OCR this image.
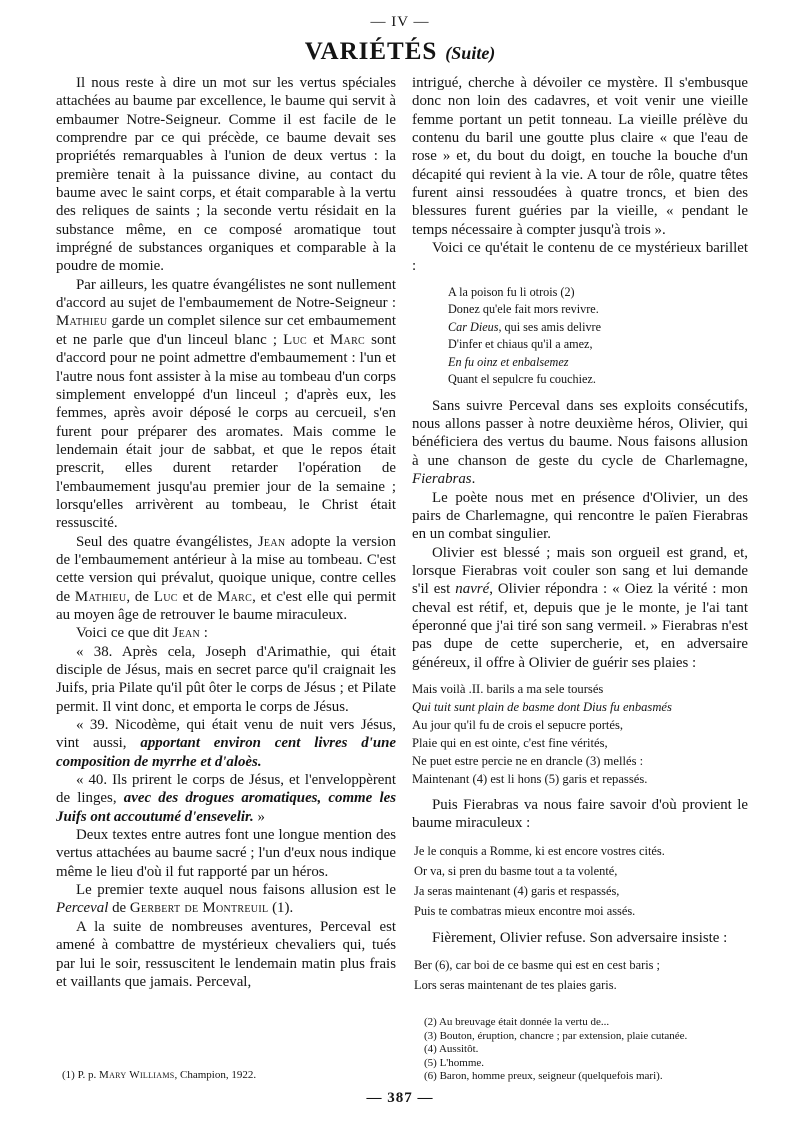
— IV —
VARIÉTÉS (Suite)

Il nous reste à dire un mot sur les vertus spéciales attachées au baume par excellence, le baume qui servit à embaumer Notre-Seigneur. Comme il est facile de le comprendre par ce qui précède, ce baume devait ses propriétés remarquables à l'union de deux vertus : la première tenait à la puissance divine, au contact du baume avec le saint corps, et était comparable à la vertu des reliques de saints ; la seconde vertu résidait en la substance même, en ce composé aromatique tout imprégné de substances organiques et comparable à la poudre de momie.

Par ailleurs, les quatre évangélistes ne sont nullement d'accord au sujet de l'embaumement de Notre-Seigneur : Mathieu garde un complet silence sur cet embaumement et ne parle que d'un linceul blanc ; Luc et Marc sont d'accord pour ne point admettre d'embaumement : l'un et l'autre nous font assister à la mise au tombeau d'un corps simplement enveloppé d'un linceul ; d'après eux, les femmes, après avoir déposé le corps au cercueil, s'en furent pour préparer des aromates. Mais comme le lendemain était jour de sabbat, et que le repos était prescrit, elles durent retarder l'opération de l'embaumement jusqu'au premier jour de la semaine ; lorsqu'elles arrivèrent au tombeau, le Christ était ressuscité.

Seul des quatre évangélistes, Jean adopte la version de l'embaumement antérieur à la mise au tombeau. C'est cette version qui prévalut, quoique unique, contre celles de Mathieu, de Luc et de Marc, et c'est elle qui permit au moyen âge de retrouver le baume miraculeux.

Voici ce que dit Jean :

« 38. Après cela, Joseph d'Arimathie, qui était disciple de Jésus, mais en secret parce qu'il craignait les Juifs, pria Pilate qu'il pût ôter le corps de Jésus ; et Pilate permit. Il vint donc, et emporta le corps de Jésus.

« 39. Nicodème, qui était venu de nuit vers Jésus, vint aussi, apportant environ cent livres d'une composition de myrrhe et d'aloès.

« 40. Ils prirent le corps de Jésus, et l'enveloppèrent de linges, avec des drogues aromatiques, comme les Juifs ont accoutumé d'ensevelir. »

Deux textes entre autres font une longue mention des vertus attachées au baume sacré ; l'un d'eux nous indique même le lieu d'où il fut rapporté par un héros.

Le premier texte auquel nous faisons allusion est le Perceval de Gerbert de Montreuil (1).

A la suite de nombreuses aventures, Perceval est amené à combattre de mystérieux chevaliers qui, tués par lui le soir, ressuscitent le lendemain matin plus frais et vaillants que jamais. Perceval,

(1) P. p. Mary Williams, Champion, 1922.

intrigué, cherche à dévoiler ce mystère. Il s'embusque donc non loin des cadavres, et voit venir une vieille femme portant un petit tonneau. La vieille prélève du contenu du baril une goutte plus claire « que l'eau de rose » et, du bout du doigt, en touche la bouche d'un décapité qui revient à la vie. A tour de rôle, quatre têtes furent ainsi ressoudées à quatre troncs, et bien des blessures furent guéries par la vieille, « pendant le temps nécessaire à compter jusqu'à trois ».

Voici ce qu'était le contenu de ce mystérieux barillet :

A la poison fu li otrois (2)
Donez qu'ele fait mors revivre.
Car Dieus, qui ses amis delivre
D'infer et chiaus qu'il a amez,
En fu oinz et enbalsemez
Quant el sepulcre fu couchiez.

Sans suivre Perceval dans ses exploits consécutifs, nous allons passer à notre deuxième héros, Olivier, qui bénéficiera des vertus du baume. Nous faisons allusion à une chanson de geste du cycle de Charlemagne, Fierabras.

Le poète nous met en présence d'Olivier, un des pairs de Charlemagne, qui rencontre le païen Fierabras en un combat singulier.

Olivier est blessé ; mais son orgueil est grand, et, lorsque Fierabras voit couler son sang et lui demande s'il est navré, Olivier répondra : « Oiez la vérité : mon cheval est rétif, et, depuis que je le monte, je l'ai tant éperonné que j'ai tiré son sang vermeil. » Fierabras n'est pas dupe de cette supercherie, et, en adversaire généreux, il offre à Olivier de guérir ses plaies :

Mais voilà .II. barils a ma sele toursés
Qui tuit sunt plain de basme dont Dius fu enbasmés
Au jour qu'il fu de crois el sepucre portés,
Plaie qui en est ointe, c'est fine vérités,
Ne puet estre percie ne en drancle (3) mellés :
Maintenant (4) est li hons (5) garis et repassés.

Puis Fierabras va nous faire savoir d'où provient le baume miraculeux :

Je le conquis a Romme, ki est encore vostres cités.
Or va, si pren du basme tout a ta volenté,
Ja seras maintenant (4) garis et respassés,
Puis te combatras mieux encontre moi assés.

Fièrement, Olivier refuse. Son adversaire insiste :

Ber (6), car boi de ce basme qui est en cest baris ;
Lors seras maintenant de tes plaies garis.
(2) Au breuvage était donnée la vertu de...
(3) Bouton, éruption, chancre ; par extension, plaie cutanée.
(4) Aussitôt.
(5) L'homme.
(6) Baron, homme preux, seigneur (quelquefois mari).
— 387 —
